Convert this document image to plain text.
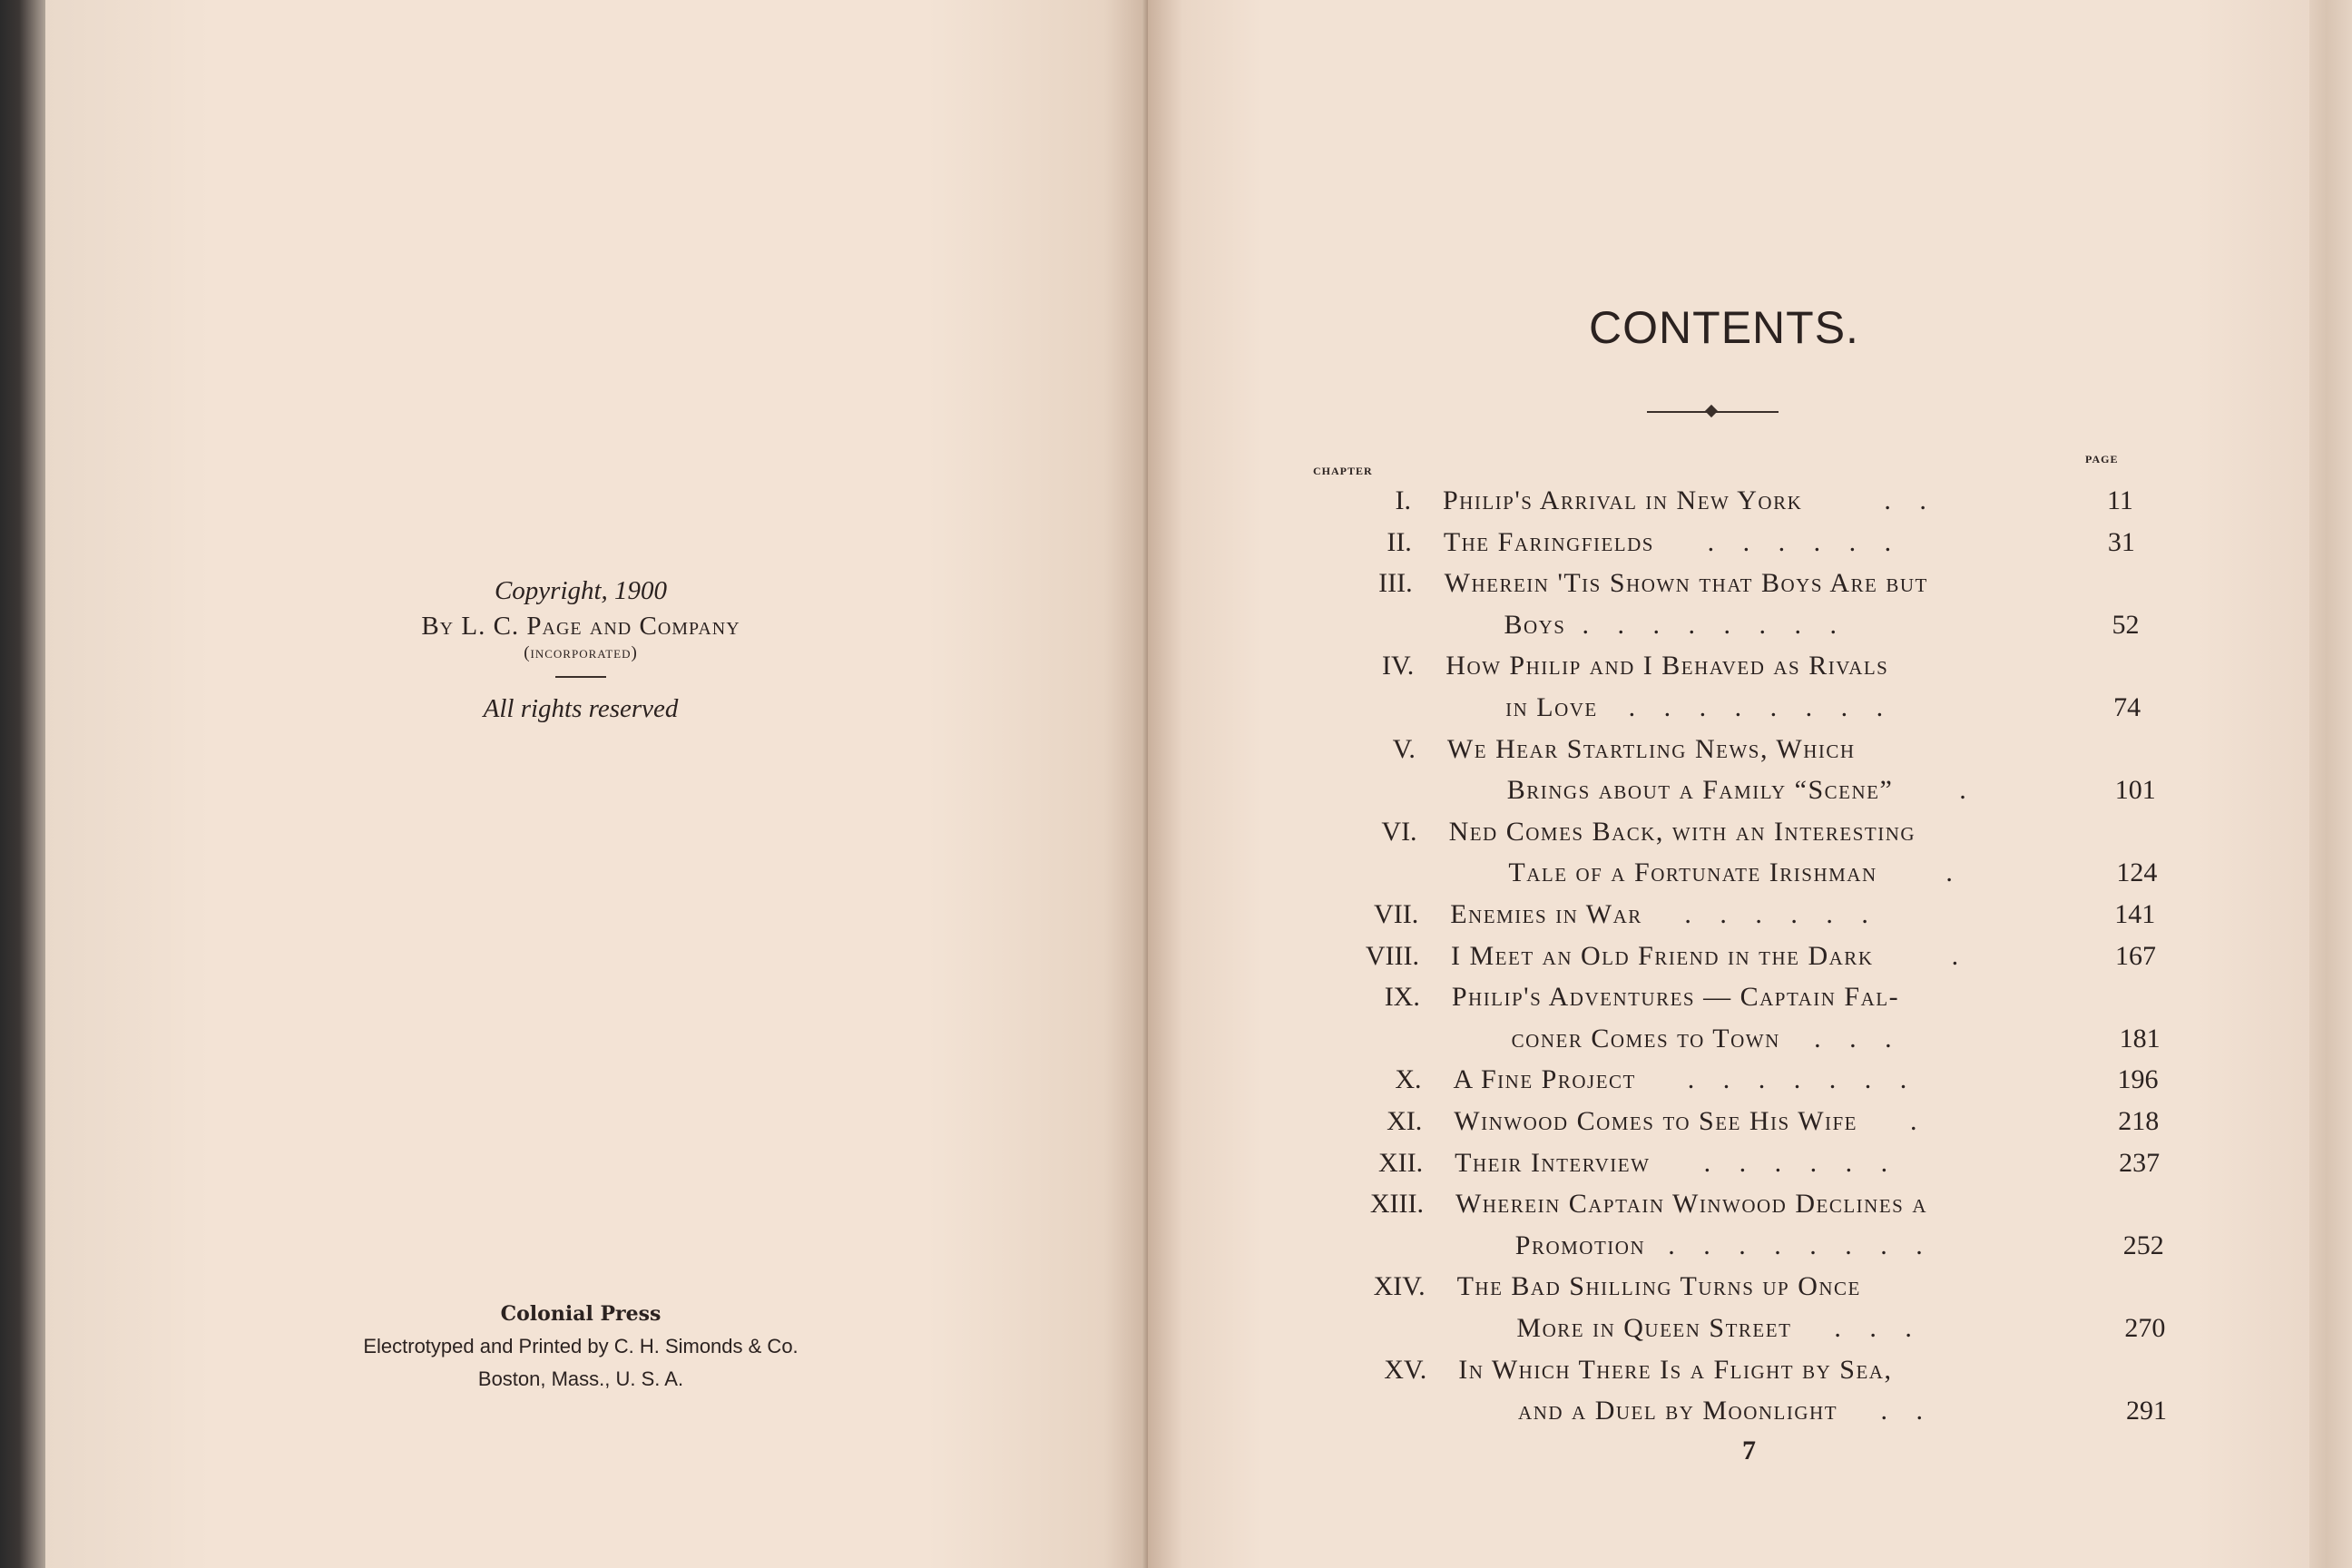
Copyright, 1900
By L. C. Page and Company
(incorporated)
All rights reserved
Colonial Press
Electrotyped and Printed by C. H. Simonds & Co.
Boston, Mass., U. S. A.
CONTENTS.
chapter
page
I. Philip's Arrival in New York	. .	11
II. The Faringfields . . . . . .	31
III. Wherein 'Tis Shown that Boys Are but
Boys . . . . . . . .	52
IV. How Philip and I Behaved as Rivals
in Love . . . . . . . .	74
V. We Hear Startling News, Which
Brings about a Family “Scene” .	101
VI. Ned Comes Back, with an Interesting
Tale of a Fortunate Irishman	.	124
VII. Enemies in War . . . . . .	141
VIII. I Meet an Old Friend in the Dark	.	167
IX. Philip's Adventures — Captain Fal-
coner Comes to Town . . .	181
X. A Fine Project . . . . . . .	196
XI. Winwood Comes to See His Wife .	218
XII. Their Interview . . . . . .	237
XIII. Wherein Captain Winwood Declines a
Promotion . . . . . . . .	252
XIV. The Bad Shilling Turns up Once
More in Queen Street . . .	270
XV. In Which There Is a Flight by Sea,
and a Duel by Moonlight . .	291
7
